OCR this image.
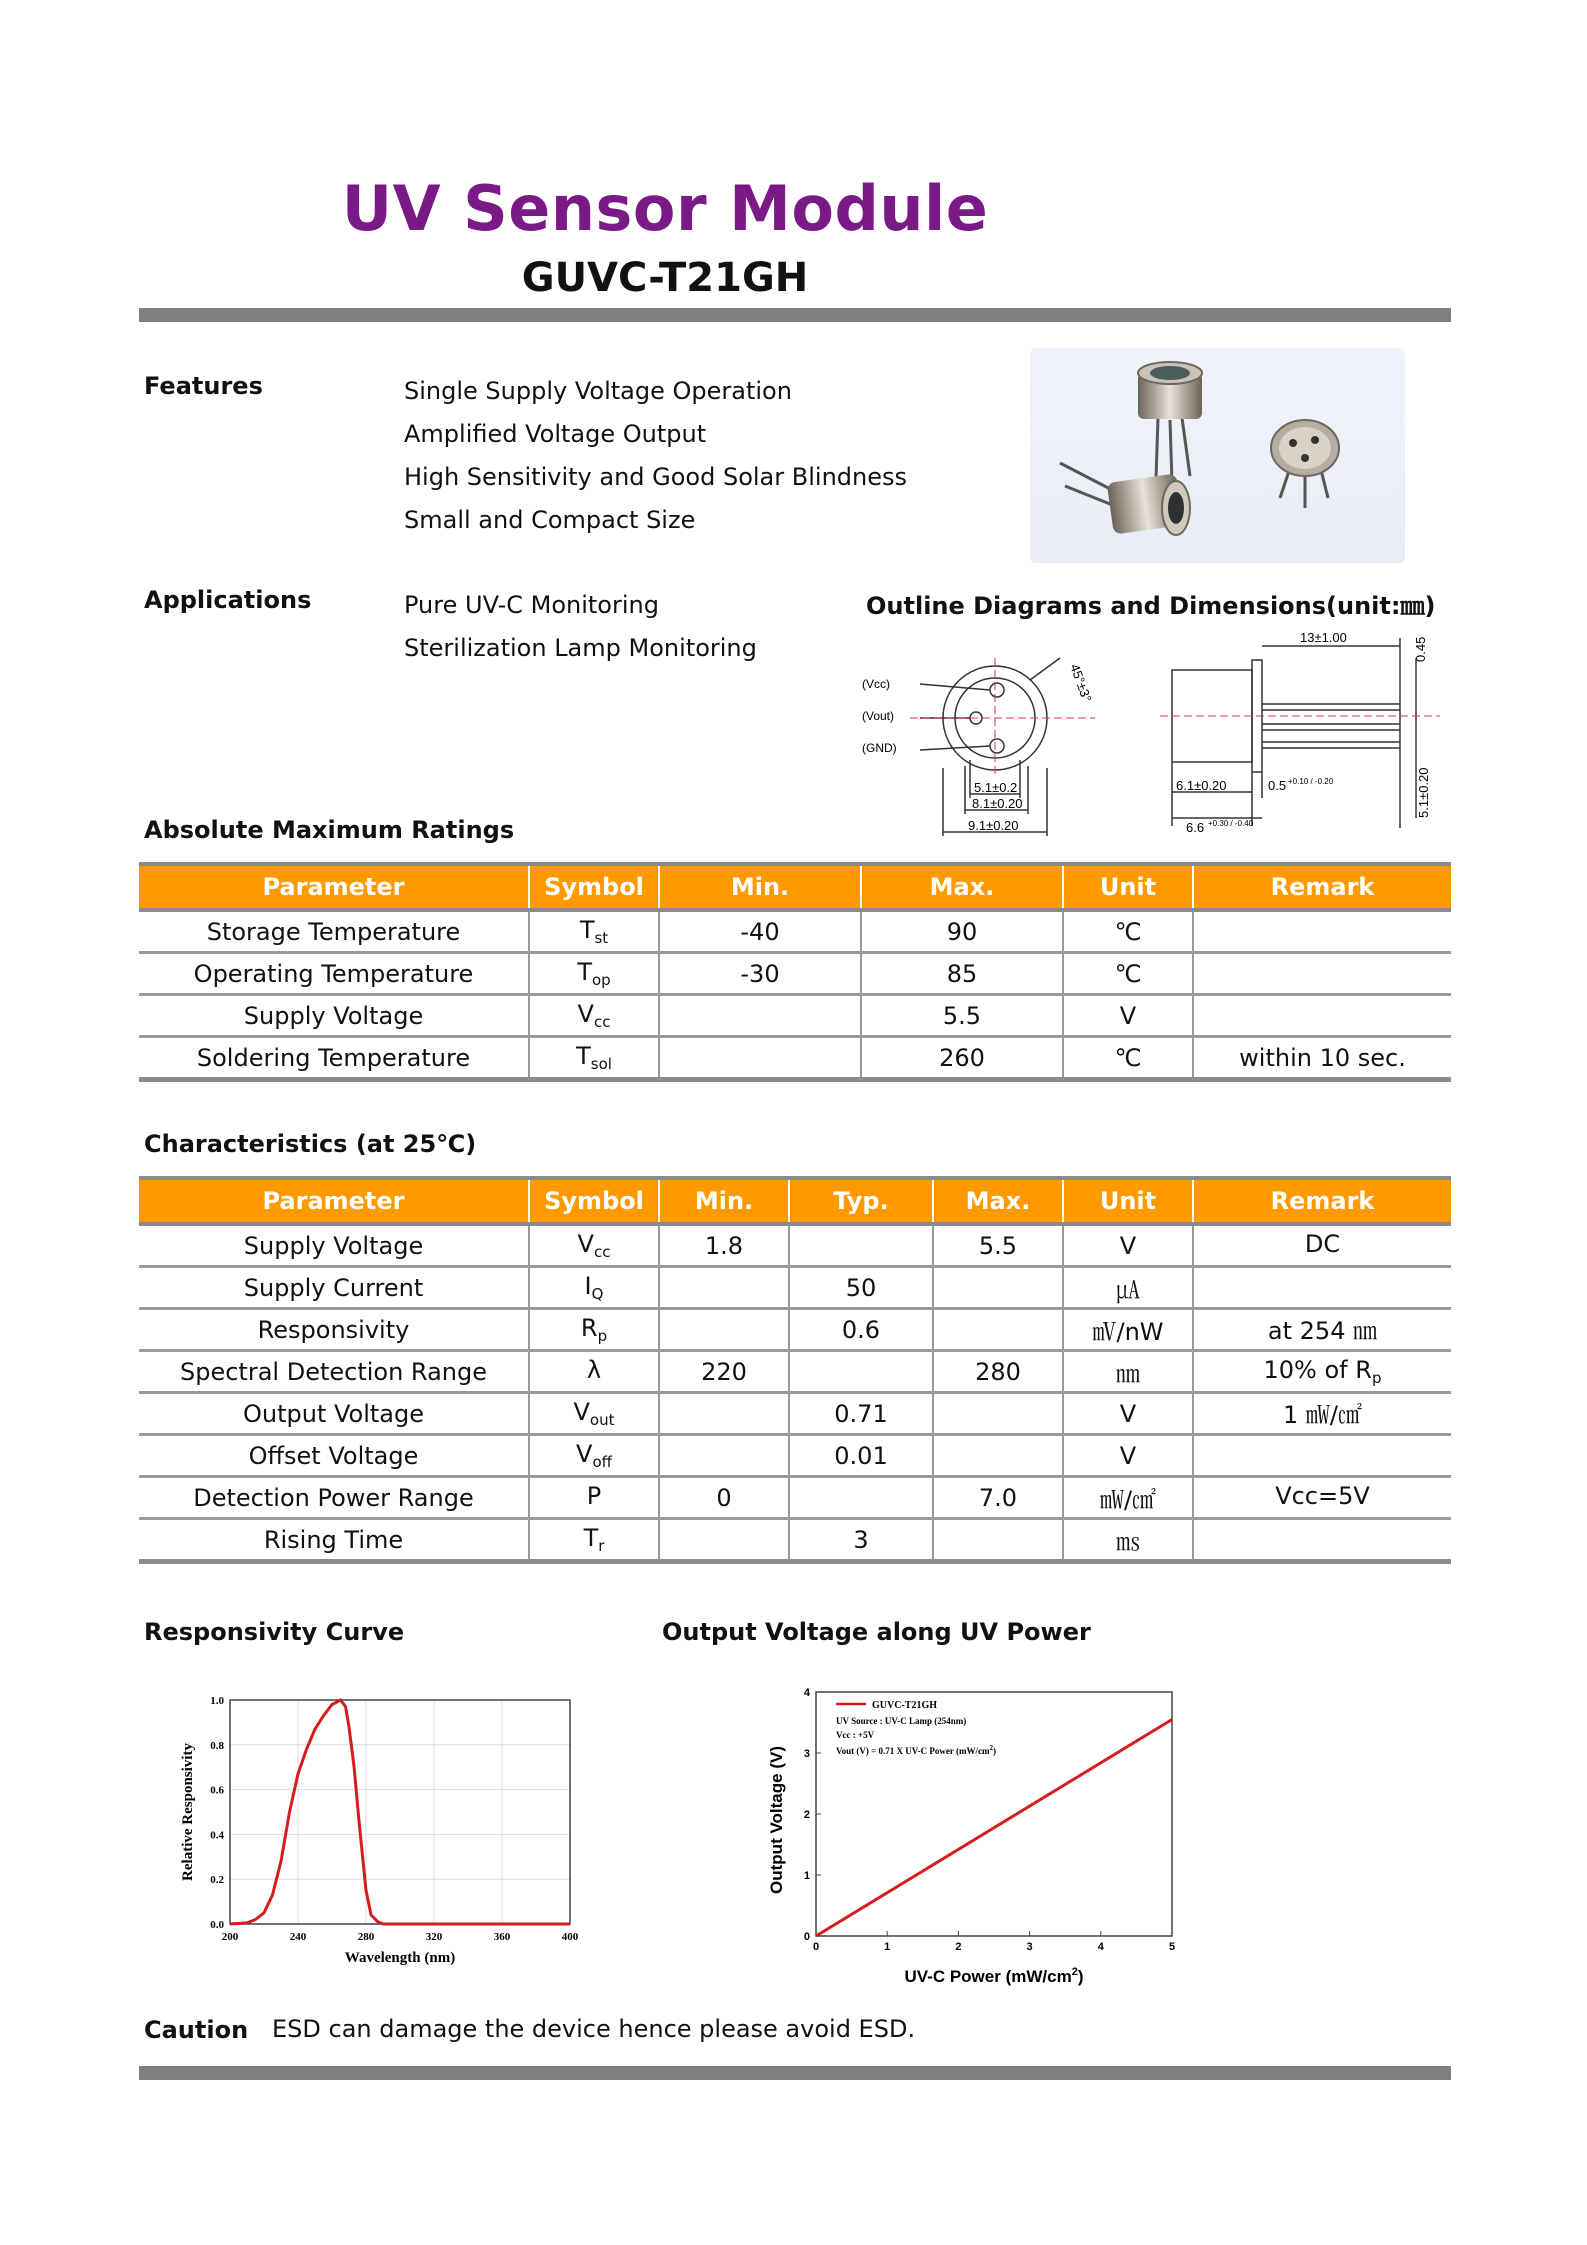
UV Sensor Module
GUVC-T21GH
Features	Single Supply Voltage Operation
Amplified Voltage Output
High Sensitivity and Good Solar Blindness
Small and Compact Size
Applications	Pure UV-C Monitoring
Sterilization Lamp Monitoring
Outline Diagrams and Dimensions(unit:㎜)
(Vcc)
(Vout)
(GND)
45°±3°
5.1±0.2
8.1±0.20
9.1±0.20
13±1.00
6.1±0.20	0.5 +0.10 / -0.20
6.6 +0.30 / -0.40
0.45
5.1±0.20
Absolute Maximum Ratings
Parameter	Symbol	Min.	Max.	Unit	Remark
Storage Temperature	$T_{st}$	-40	90	℃	
Operating Temperature	$T_{op}$	-30	85	℃	
Supply Voltage	$V_{cc}$		5.5	V	
Soldering Temperature	$T_{sol}$		260	℃	within 10 sec.
Characteristics (at 25℃)
Parameter	Symbol	Min.	Typ.	Max.	Unit	Remark
Supply Voltage	$V_{cc}$	1.8		5.5	V	DC
Supply Current	$I_Q$		50		㎂	
Responsivity	$R_p$		0.6		㎷/nW	at 254 ㎚
Spectral Detection Range	λ	220		280	㎚	10% of $R_p$
Output Voltage	$V_{out}$		0.71		V	1 ㎽/㎠
Offset Voltage	$V_{off}$		0.01		V	
Detection Power Range	P	0		7.0	㎽/㎠	Vcc=5V
Rising Time	$T_r$		3		㎳	
Responsivity Curve	Output Voltage along UV Power
200	240	280	320	360	400
0.0
0.2
0.4
0.6
0.8
1.0
Wavelength (nm)
Relative Responsivity
0	1	2	3	4	5
0
1
2
3
4
GUVC-T21GH
UV Source : UV-C Lamp (254nm)
Vcc : +5V
Vout (V) = 0.71 X UV-C Power $(mW/cm^2)$
UV-C Power $(mW/cm^2)$
Output Voltage (V)
Caution ESD can damage the device hence please avoid ESD.
